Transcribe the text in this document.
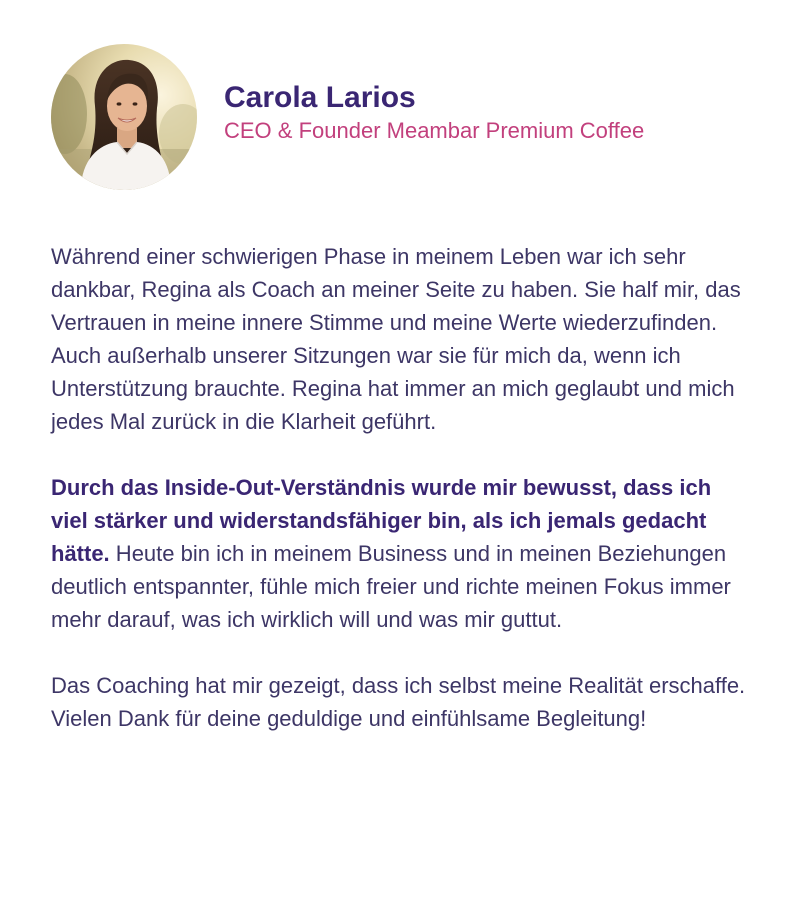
Carola Larios

CEO & Founder Meambar Premium Coffee

Während einer schwierigen Phase in meinem Leben war ich sehr dankbar, Regina als Coach an meiner Seite zu haben. Sie half mir, das Vertrauen in meine innere Stimme und meine Werte wiederzufinden. Auch außerhalb unserer Sitzungen war sie für mich da, wenn ich Unterstützung brauchte. Regina hat immer an mich geglaubt und mich jedes Mal zurück in die Klarheit geführt.

Durch das Inside-Out-Verständnis wurde mir bewusst, dass ich viel stärker und widerstandsfähiger bin, als ich jemals gedacht hätte. Heute bin ich in meinem Business und in meinen Beziehungen deutlich entspannter, fühle mich freier und richte meinen Fokus immer mehr darauf, was ich wirklich will und was mir guttut.

Das Coaching hat mir gezeigt, dass ich selbst meine Realität erschaffe. Vielen Dank für deine geduldige und einfühlsame Begleitung!
